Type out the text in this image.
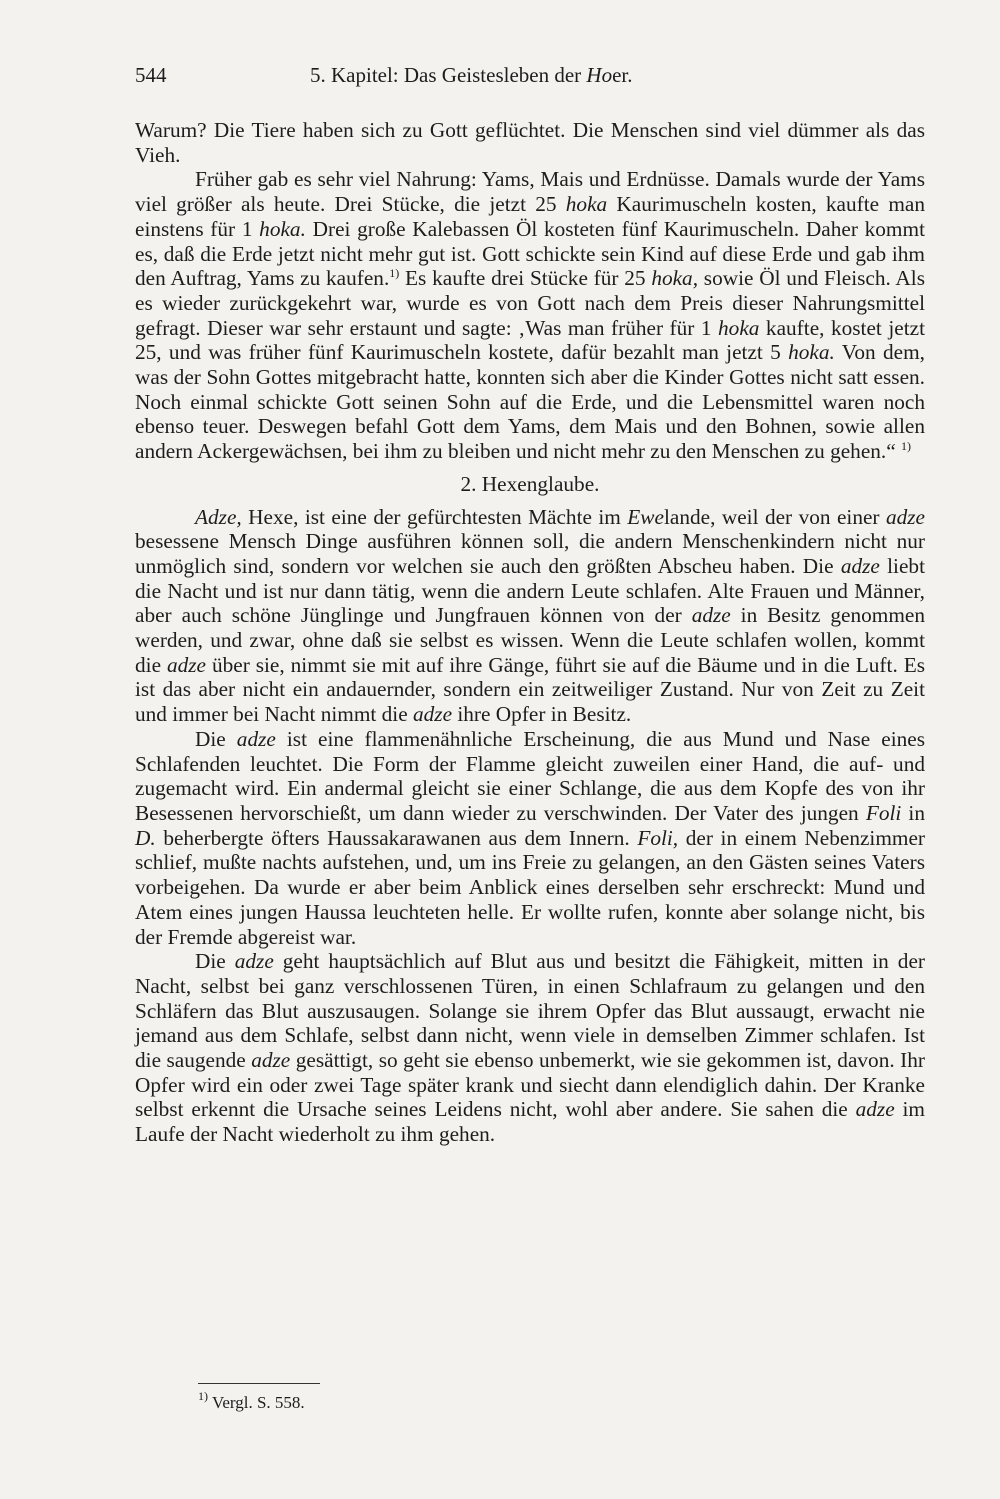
544	5. Kapitel: Das Geistesleben der Hoer.

Warum? Die Tiere haben sich zu Gott geflüchtet. Die Menschen sind viel dümmer als das Vieh.

Früher gab es sehr viel Nahrung: Yams, Mais und Erdnüsse. Damals wurde der Yams viel größer als heute. Drei Stücke, die jetzt 25 hoka Kaurimuscheln kosten, kaufte man einstens für 1 hoka. Drei große Kalebassen Öl kosteten fünf Kaurimuscheln. Daher kommt es, daß die Erde jetzt nicht mehr gut ist. Gott schickte sein Kind auf diese Erde und gab ihm den Auftrag, Yams zu kaufen.$^{1)}$ Es kaufte drei Stücke für 25 hoka, sowie Öl und Fleisch. Als es wieder zurückgekehrt war, wurde es von Gott nach dem Preis dieser Nahrungsmittel gefragt. Dieser war sehr erstaunt und sagte: ‚Was man früher für 1 hoka kaufte, kostet jetzt 25, und was früher fünf Kaurimuscheln kostete, dafür bezahlt man jetzt 5 hoka. Von dem, was der Sohn Gottes mitgebracht hatte, konnten sich aber die Kinder Gottes nicht satt essen. Noch einmal schickte Gott seinen Sohn auf die Erde, und die Lebensmittel waren noch ebenso teuer. Deswegen befahl Gott dem Yams, dem Mais und den Bohnen, sowie allen andern Ackergewächsen, bei ihm zu bleiben und nicht mehr zu den Menschen zu gehen.“ $^{1)}$

2. Hexenglaube.

Adze, Hexe, ist eine der gefürchtesten Mächte im Ewelande, weil der von einer adze besessene Mensch Dinge ausführen können soll, die andern Menschenkindern nicht nur unmöglich sind, sondern vor welchen sie auch den größten Abscheu haben. Die adze liebt die Nacht und ist nur dann tätig, wenn die andern Leute schlafen. Alte Frauen und Männer, aber auch schöne Jünglinge und Jungfrauen können von der adze in Besitz genommen werden, und zwar, ohne daß sie selbst es wissen. Wenn die Leute schlafen wollen, kommt die adze über sie, nimmt sie mit auf ihre Gänge, führt sie auf die Bäume und in die Luft. Es ist das aber nicht ein andauernder, sondern ein zeitweiliger Zustand. Nur von Zeit zu Zeit und immer bei Nacht nimmt die adze ihre Opfer in Besitz.

Die adze ist eine flammenähnliche Erscheinung, die aus Mund und Nase eines Schlafenden leuchtet. Die Form der Flamme gleicht zuweilen einer Hand, die auf- und zugemacht wird. Ein andermal gleicht sie einer Schlange, die aus dem Kopfe des von ihr Besessenen hervorschießt, um dann wieder zu verschwinden. Der Vater des jungen Foli in D. beherbergte öfters Haussakarawanen aus dem Innern. Foli, der in einem Nebenzimmer schlief, mußte nachts aufstehen, und, um ins Freie zu gelangen, an den Gästen seines Vaters vorbeigehen. Da wurde er aber beim Anblick eines derselben sehr erschreckt: Mund und Atem eines jungen Haussa leuchteten helle. Er wollte rufen, konnte aber solange nicht, bis der Fremde abgereist war.

Die adze geht hauptsächlich auf Blut aus und besitzt die Fähigkeit, mitten in der Nacht, selbst bei ganz verschlossenen Türen, in einen Schlafraum zu gelangen und den Schläfern das Blut auszusaugen. Solange sie ihrem Opfer das Blut aussaugt, erwacht nie jemand aus dem Schlafe, selbst dann nicht, wenn viele in demselben Zimmer schlafen. Ist die saugende adze gesättigt, so geht sie ebenso unbemerkt, wie sie gekommen ist, davon. Ihr Opfer wird ein oder zwei Tage später krank und siecht dann elendiglich dahin. Der Kranke selbst erkennt die Ursache seines Leidens nicht, wohl aber andere. Sie sahen die adze im Laufe der Nacht wiederholt zu ihm gehen.

$^{1)}$ Vergl. S. 558.
